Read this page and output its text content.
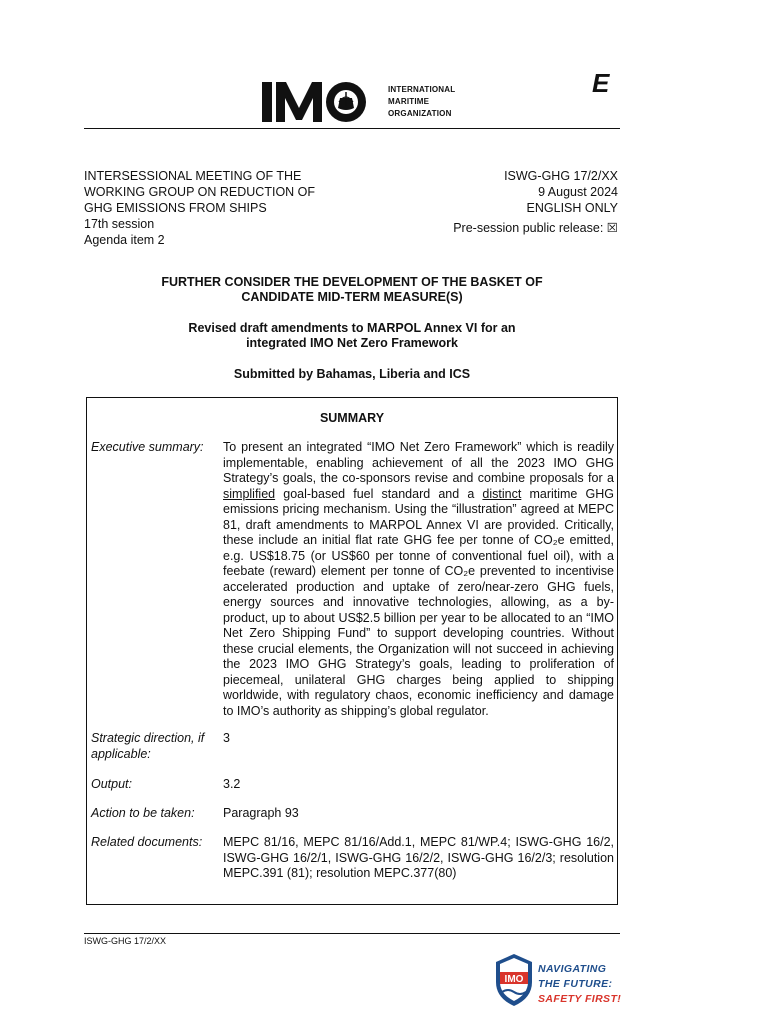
INTERNATIONAL
MARITIME
ORGANIZATION
E
INTERSESSIONAL MEETING OF THE
WORKING GROUP ON REDUCTION OF
GHG EMISSIONS FROM SHIPS
17th session
Agenda item 2
ISWG-GHG 17/2/XX
9 August 2024
ENGLISH ONLY
Pre-session public release: ☒
FURTHER CONSIDER THE DEVELOPMENT OF THE BASKET OF
CANDIDATE MID-TERM MEASURE(S)
Revised draft amendments to MARPOL Annex VI for an
integrated IMO Net Zero Framework
Submitted by Bahamas, Liberia and ICS
SUMMARY
Executive summary:	To present an integrated “IMO Net Zero Framework” which is readily implementable, enabling achievement of all the 2023 IMO GHG Strategy’s goals, the co-sponsors revise and combine proposals for a simplified goal-based fuel standard and a distinct maritime GHG emissions pricing mechanism. Using the “illustration” agreed at MEPC 81, draft amendments to MARPOL Annex VI are provided. Critically, these include an initial flat rate GHG fee per tonne of CO₂e emitted, e.g. US$18.75 (or US$60 per tonne of conventional fuel oil), with a feebate (reward) element per tonne of CO₂e prevented to incentivise accelerated production and uptake of zero/near-zero GHG fuels, energy sources and innovative technologies, allowing, as a by-product, up to about US$2.5 billion per year to be allocated to an “IMO Net Zero Shipping Fund” to support developing countries. Without these crucial elements, the Organization will not succeed in achieving the 2023 IMO GHG Strategy’s goals, leading to proliferation of piecemeal, unilateral GHG charges being applied to shipping worldwide, with regulatory chaos, economic inefficiency and damage to IMO’s authority as shipping’s global regulator.
Strategic direction, if applicable:
3
Output:	3.2
Action to be taken:	Paragraph 93
Related documents:	MEPC 81/16, MEPC 81/16/Add.1, MEPC 81/WP.4; ISWG-GHG 16/2, ISWG-GHG 16/2/1, ISWG-GHG 16/2/2, ISWG-GHG 16/2/3; resolution MEPC.391 (81); resolution MEPC.377(80)
ISWG-GHG 17/2/XX
IMO
NAVIGATING
THE FUTURE:
SAFETY FIRST!
